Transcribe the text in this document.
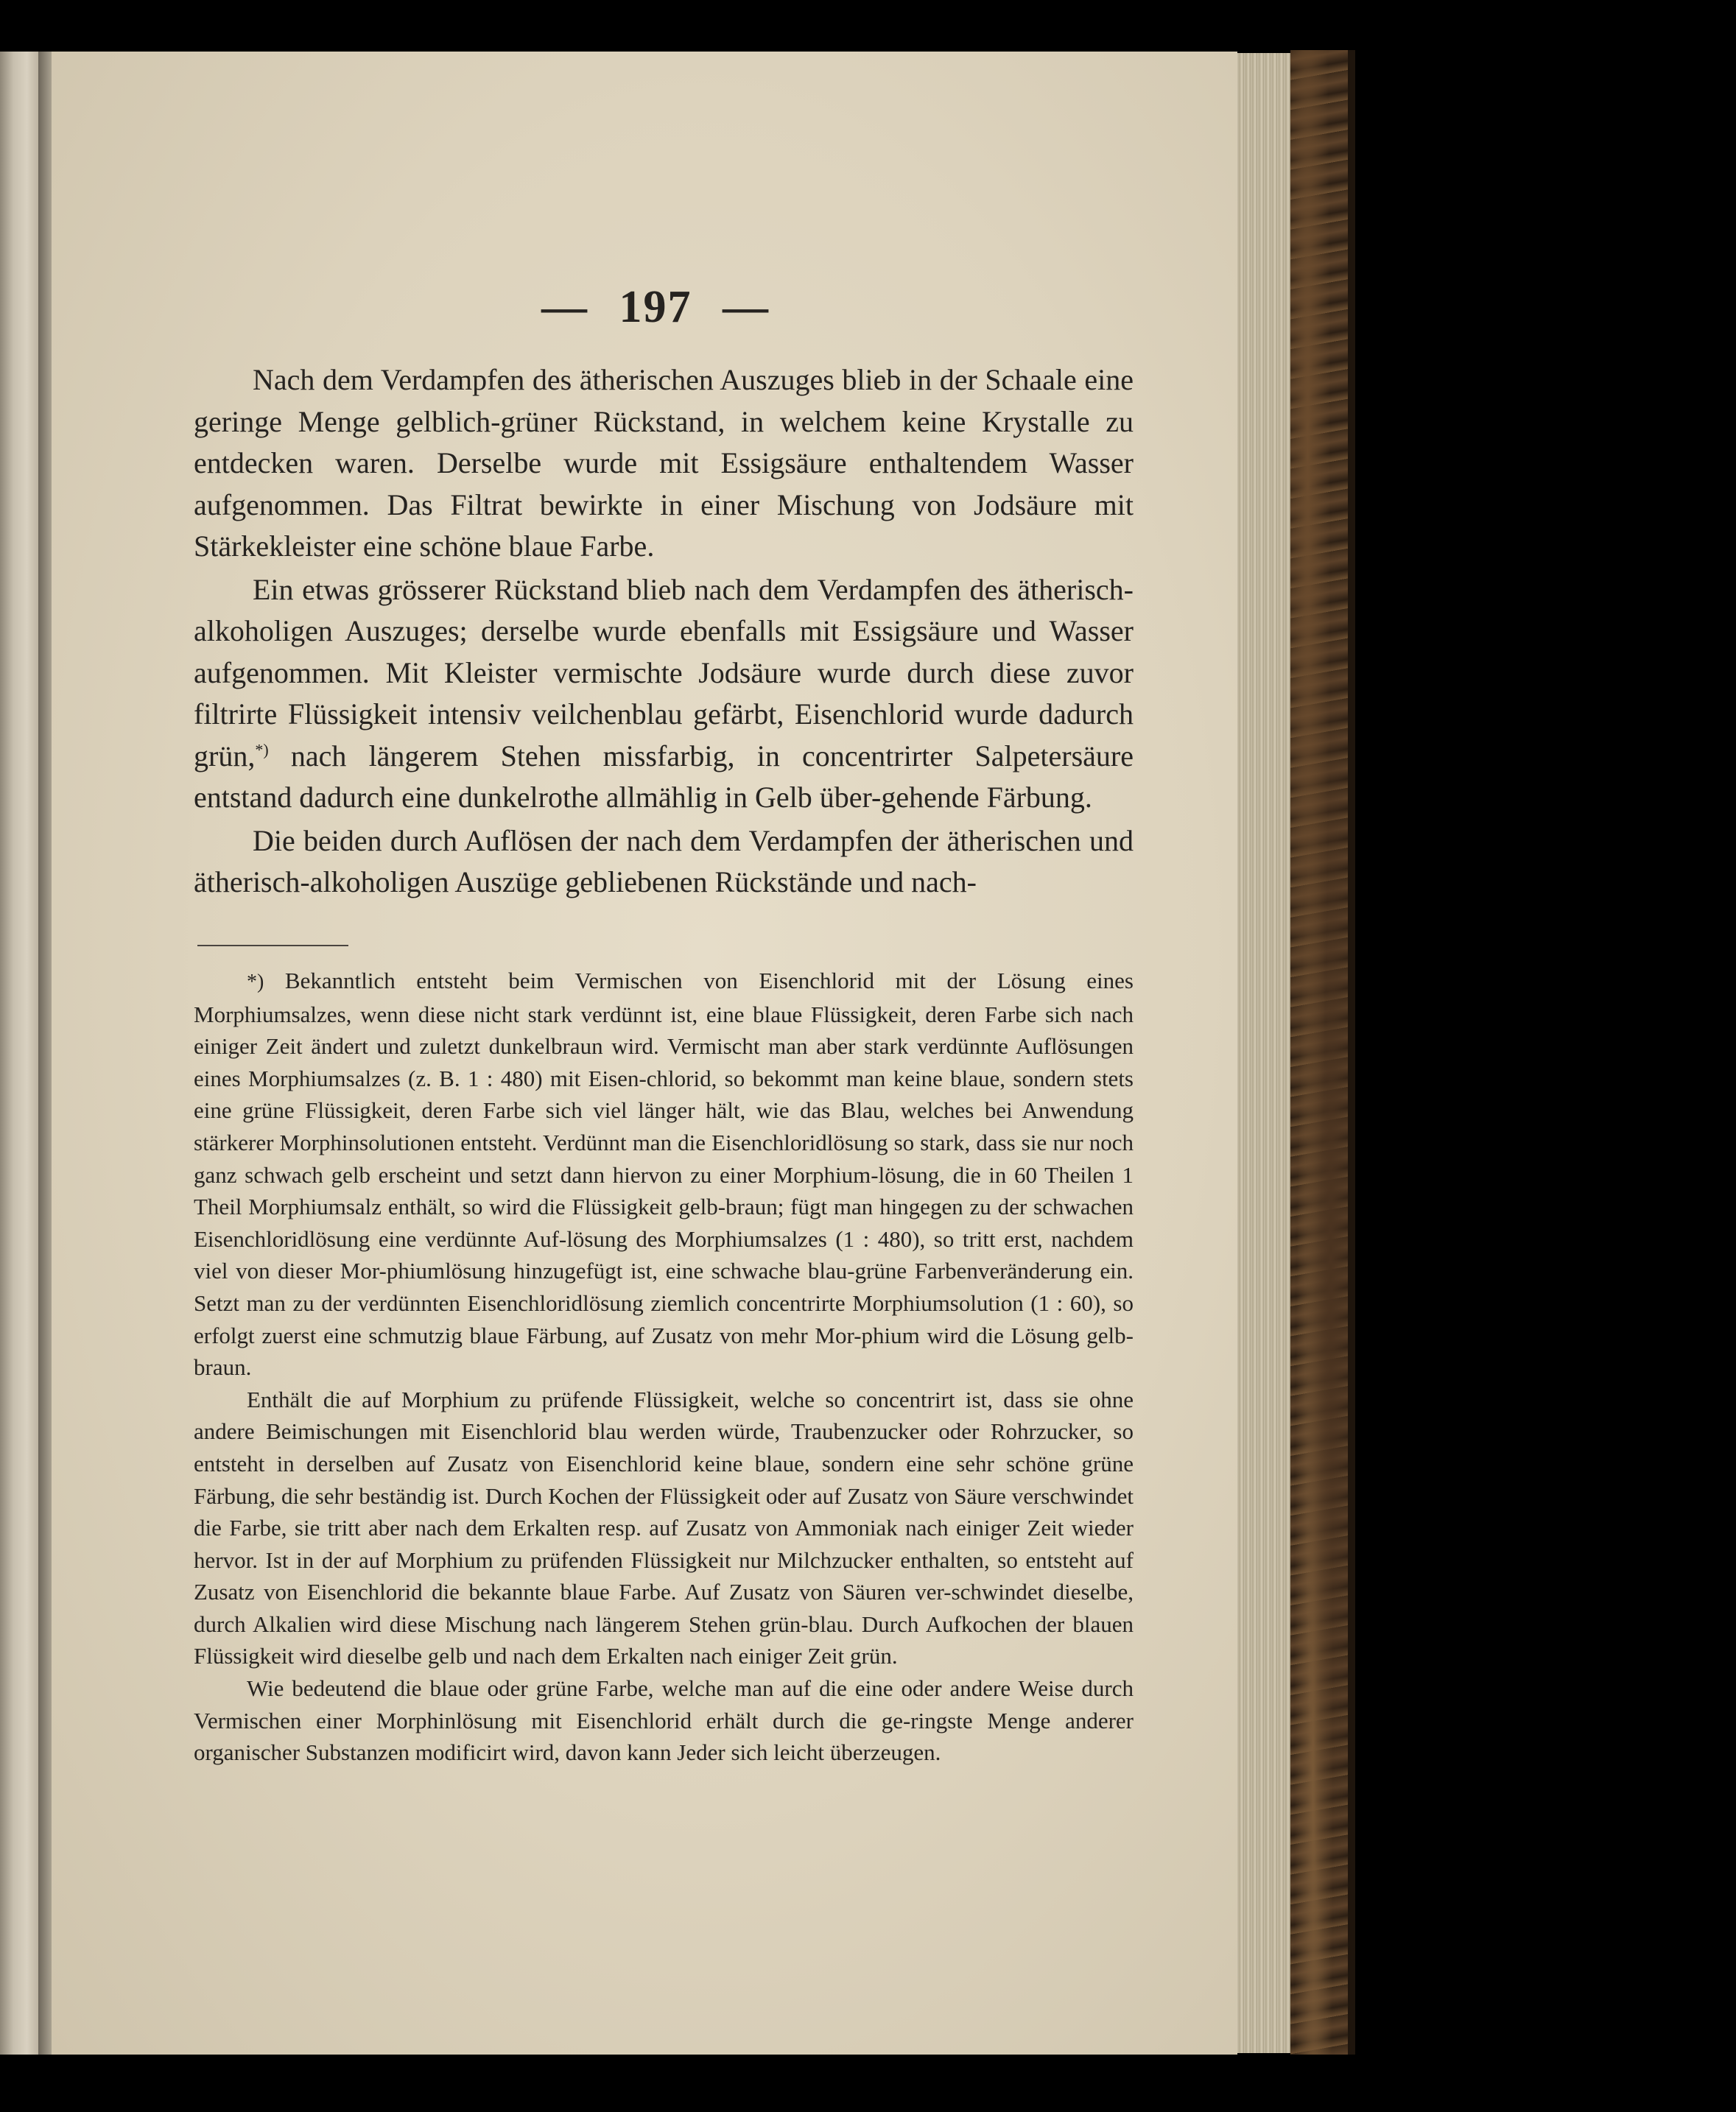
— 197 —

Nach dem Verdampfen des ätherischen Auszuges blieb in der Schaale eine geringe Menge gelblich-grüner Rückstand, in welchem keine Krystalle zu entdecken waren. Derselbe wurde mit Essigsäure enthaltendem Wasser aufgenommen. Das Filtrat bewirkte in einer Mischung von Jodsäure mit Stärkekleister eine schöne blaue Farbe.

Ein etwas grösserer Rückstand blieb nach dem Verdampfen des ätherisch-alkoholigen Auszuges; derselbe wurde ebenfalls mit Essigsäure und Wasser aufgenommen. Mit Kleister vermischte Jodsäure wurde durch diese zuvor filtrirte Flüssigkeit intensiv veilchenblau gefärbt, Eisenchlorid wurde dadurch grün,*) nach längerem Stehen missfarbig, in concentrirter Salpetersäure entstand dadurch eine dunkelrothe allmählig in Gelb über-gehende Färbung.

Die beiden durch Auflösen der nach dem Verdampfen der ätherischen und ätherisch-alkoholigen Auszüge gebliebenen Rückstände und nach-

*) Bekanntlich entsteht beim Vermischen von Eisenchlorid mit der Lösung eines Morphiumsalzes, wenn diese nicht stark verdünnt ist, eine blaue Flüssigkeit, deren Farbe sich nach einiger Zeit ändert und zuletzt dunkelbraun wird. Vermischt man aber stark verdünnte Auflösungen eines Morphiumsalzes (z. B. 1 : 480) mit Eisen-chlorid, so bekommt man keine blaue, sondern stets eine grüne Flüssigkeit, deren Farbe sich viel länger hält, wie das Blau, welches bei Anwendung stärkerer Morphinsolutionen entsteht. Verdünnt man die Eisenchloridlösung so stark, dass sie nur noch ganz schwach gelb erscheint und setzt dann hiervon zu einer Morphium-lösung, die in 60 Theilen 1 Theil Morphiumsalz enthält, so wird die Flüssigkeit gelb-braun; fügt man hingegen zu der schwachen Eisenchloridlösung eine verdünnte Auf-lösung des Morphiumsalzes (1 : 480), so tritt erst, nachdem viel von dieser Mor-phiumlösung hinzugefügt ist, eine schwache blau-grüne Farbenveränderung ein. Setzt man zu der verdünnten Eisenchloridlösung ziemlich concentrirte Morphiumsolution (1 : 60), so erfolgt zuerst eine schmutzig blaue Färbung, auf Zusatz von mehr Mor-phium wird die Lösung gelb-braun.

Enthält die auf Morphium zu prüfende Flüssigkeit, welche so concentrirt ist, dass sie ohne andere Beimischungen mit Eisenchlorid blau werden würde, Traubenzucker oder Rohrzucker, so entsteht in derselben auf Zusatz von Eisenchlorid keine blaue, sondern eine sehr schöne grüne Färbung, die sehr beständig ist. Durch Kochen der Flüssigkeit oder auf Zusatz von Säure verschwindet die Farbe, sie tritt aber nach dem Erkalten resp. auf Zusatz von Ammoniak nach einiger Zeit wieder hervor. Ist in der auf Morphium zu prüfenden Flüssigkeit nur Milchzucker enthalten, so entsteht auf Zusatz von Eisenchlorid die bekannte blaue Farbe. Auf Zusatz von Säuren ver-schwindet dieselbe, durch Alkalien wird diese Mischung nach längerem Stehen grün-blau. Durch Aufkochen der blauen Flüssigkeit wird dieselbe gelb und nach dem Erkalten nach einiger Zeit grün.

Wie bedeutend die blaue oder grüne Farbe, welche man auf die eine oder andere Weise durch Vermischen einer Morphinlösung mit Eisenchlorid erhält durch die ge-ringste Menge anderer organischer Substanzen modificirt wird, davon kann Jeder sich leicht überzeugen.
